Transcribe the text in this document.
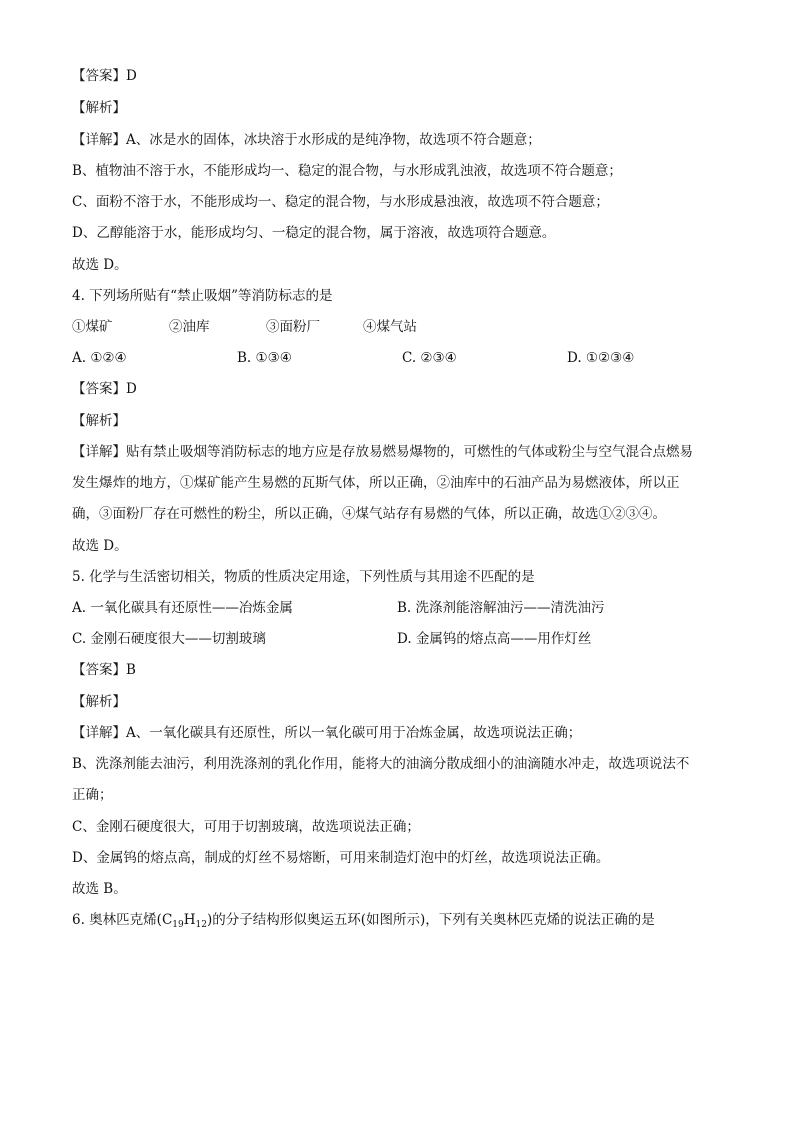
【答案】D
【解析】
【详解】A、冰是水的固体，冰块溶于水形成的是纯净物，故选项不符合题意；
B、植物油不溶于水，不能形成均一、稳定的混合物，与水形成乳浊液，故选项不符合题意；
C、面粉不溶于水，不能形成均一、稳定的混合物，与水形成悬浊液，故选项不符合题意；
D、乙醇能溶于水，能形成均匀、一稳定的混合物，属于溶液，故选项符合题意。
故选 D。
4. 下列场所贴有“禁止吸烟”等消防标志的是
①煤矿	②油库	③面粉厂	④煤气站
A. ①②④	B. ①③④	C. ②③④	D. ①②③④
【答案】D
【解析】
【详解】贴有禁止吸烟等消防标志的地方应是存放易燃易爆物的，可燃性的气体或粉尘与空气混合点燃易
发生爆炸的地方，①煤矿能产生易燃的瓦斯气体，所以正确，②油库中的石油产品为易燃液体，所以正
确，③面粉厂存在可燃性的粉尘，所以正确，④煤气站存有易燃的气体，所以正确，故选①②③④。
故选 D。
5. 化学与生活密切相关，物质的性质决定用途，下列性质与其用途不匹配的是
A. 一氧化碳具有还原性——冶炼金属	B. 洗涤剂能溶解油污——清洗油污
C. 金刚石硬度很大——切割玻璃	D. 金属钨的熔点高——用作灯丝
【答案】B
【解析】
【详解】A、一氧化碳具有还原性，所以一氧化碳可用于冶炼金属，故选项说法正确；
B、洗涤剂能去油污，利用洗涤剂的乳化作用，能将大的油滴分散成细小的油滴随水冲走，故选项说法不
正确；
C、金刚石硬度很大，可用于切割玻璃，故选项说法正确；
D、金属钨的熔点高，制成的灯丝不易熔断，可用来制造灯泡中的灯丝，故选项说法正确。
故选 B。
6. 奥林匹克烯$(C_{19}H_{12})$的分子结构形似奥运五环(如图所示)，下列有关奥林匹克烯的说法正确的是
